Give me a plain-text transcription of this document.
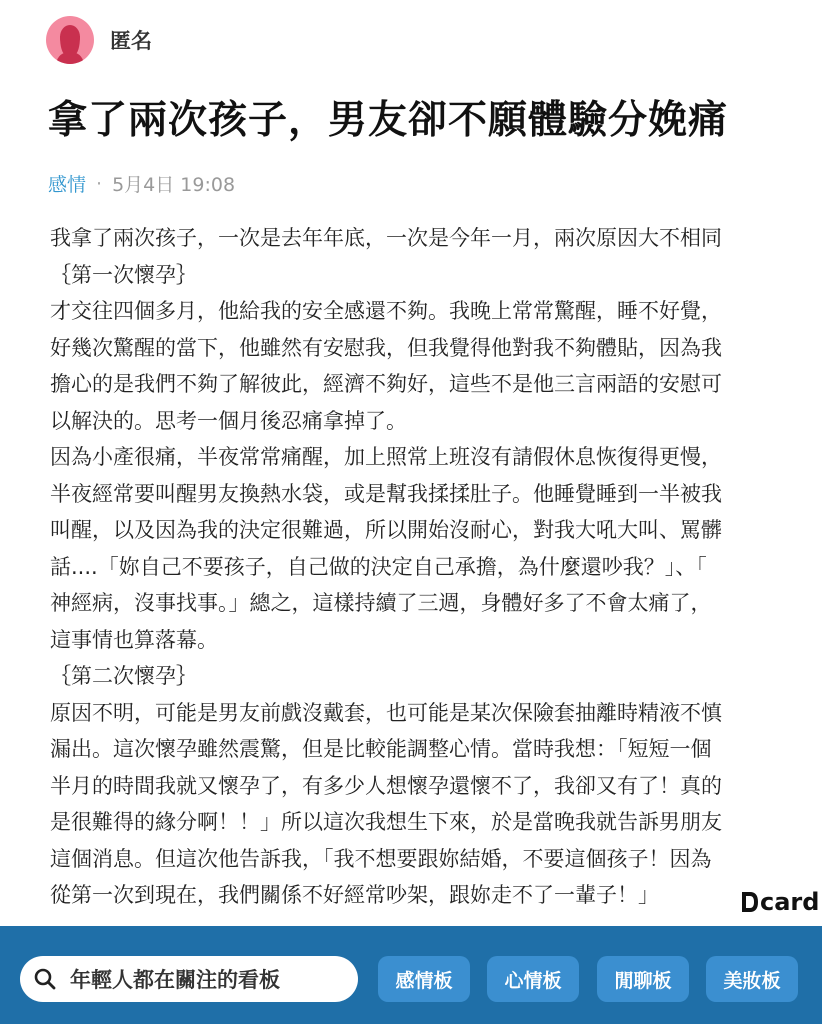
匿名
拿了兩次孩子，男友卻不願體驗分娩痛
感情 · 5月4日 19:08

我拿了兩次孩子，一次是去年年底，一次是今年一月，兩次原因大不相同

｛第一次懷孕｝

才交往四個多月，他給我的安全感還不夠。我晚上常常驚醒，睡不好覺，

好幾次驚醒的當下，他雖然有安慰我，但我覺得他對我不夠體貼，因為我

擔心的是我們不夠了解彼此，經濟不夠好，這些不是他三言兩語的安慰可

以解決的。思考一個月後忍痛拿掉了。

因為小產很痛，半夜常常痛醒，加上照常上班沒有請假休息恢復得更慢，

半夜經常要叫醒男友換熱水袋，或是幫我揉揉肚子。他睡覺睡到一半被我

叫醒，以及因為我的決定很難過，所以開始沒耐心，對我大吼大叫、罵髒

話....「妳自己不要孩子，自己做的決定自己承擔，為什麼還吵我？」、「

神經病，沒事找事。」總之，這樣持續了三週，身體好多了不會太痛了，

這事情也算落幕。

｛第二次懷孕｝

原因不明，可能是男友前戲沒戴套，也可能是某次保險套抽離時精液不慎

漏出。這次懷孕雖然震驚，但是比較能調整心情。當時我想：「短短一個

半月的時間我就又懷孕了，有多少人想懷孕還懷不了，我卻又有了！真的

是很難得的緣分啊！！」所以這次我想生下來，於是當晚我就告訴男朋友

這個消息。但這次他告訴我，「我不想要跟妳結婚，不要這個孩子！因為

從第一次到現在，我們關係不好經常吵架，跟妳走不了一輩子！」	card
年輕人都在關注的看板	感情板	心情板	閒聊板	美妝板
